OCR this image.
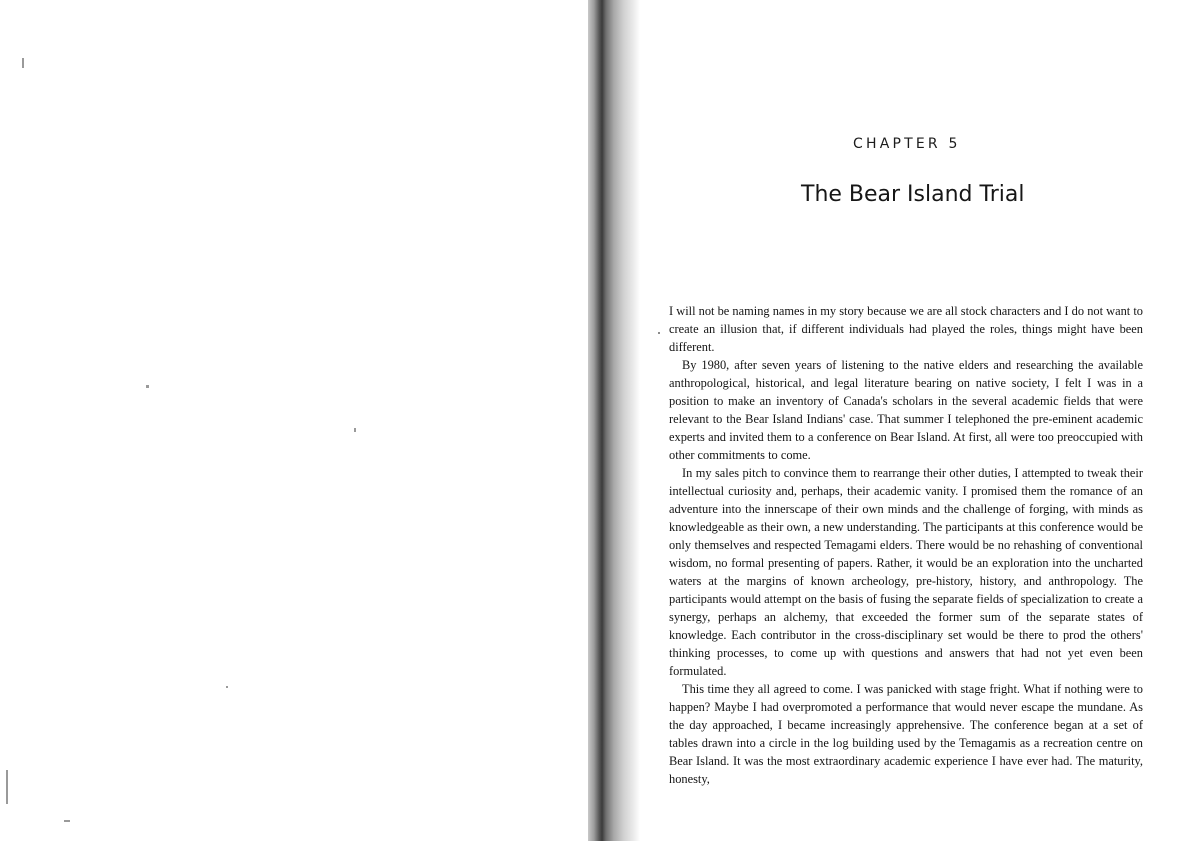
CHAPTER 5
The Bear Island Trial

I will not be naming names in my story because we are all stock characters and I do not want to create an illusion that, if different individuals had played the roles, things might have been different.

By 1980, after seven years of listening to the native elders and researching the available anthropological, historical, and legal literature bearing on native society, I felt I was in a position to make an inventory of Canada's scholars in the several academic fields that were relevant to the Bear Island Indians' case. That summer I telephoned the pre-eminent academic experts and invited them to a conference on Bear Island. At first, all were too preoccupied with other commitments to come.

In my sales pitch to convince them to rearrange their other duties, I attempted to tweak their intellectual curiosity and, perhaps, their academic vanity. I promised them the romance of an adventure into the innerscape of their own minds and the challenge of forging, with minds as knowledgeable as their own, a new understanding. The participants at this conference would be only themselves and respected Temagami elders. There would be no rehashing of conventional wisdom, no formal presenting of papers. Rather, it would be an exploration into the uncharted waters at the margins of known archeology, pre-history, history, and anthropology. The participants would attempt on the basis of fusing the separate fields of specialization to create a synergy, perhaps an alchemy, that exceeded the former sum of the separate states of knowledge. Each contributor in the cross-disciplinary set would be there to prod the others' thinking processes, to come up with questions and answers that had not yet even been formulated.

This time they all agreed to come. I was panicked with stage fright. What if nothing were to happen? Maybe I had overpromoted a performance that would never escape the mundane. As the day approached, I became increasingly apprehensive. The conference began at a set of tables drawn into a circle in the log building used by the Temagamis as a recreation centre on Bear Island. It was the most extraordinary academic experience I have ever had. The maturity, honesty,
